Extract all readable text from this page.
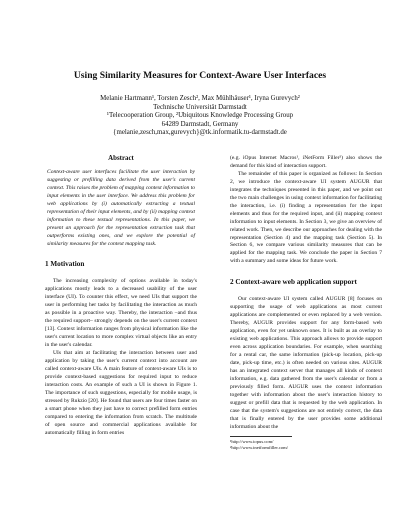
Using Similarity Measures for Context-Aware User Interfaces
Melanie Hartmann¹, Torsten Zesch², Max Mühlhäuser¹, Iryna Gurevych²
Technische Universität Darmstadt
¹Telecooperation Group, ²Ubiquitous Knowledge Processing Group
64289 Darmstadt, Germany
{melanie,zesch,max,gurevych}@tk.informatik.tu-darmstadt.de
Abstract
Context-aware user interfaces facilitate the user interaction by suggesting or prefilling data derived from the user's current context. This raises the problem of mapping context information to input elements in the user interface. We address this problem for web applications by (i) automatically extracting a textual representation of their input elements, and by (ii) mapping context information to these textual representations. In this paper, we present an approach for the representation extraction task that outperforms existing ones, and we explore the potential of similarity measures for the context mapping task.
1 Motivation

The increasing complexity of options available in today's applications mostly leads to a decreased usability of the user interface (UI). To counter this effect, we need UIs that support the user in performing her tasks by facilitating the interaction as much as possible in a proactive way. Thereby, the interaction –and thus the required support– strongly depends on the user's current context [13]. Context information ranges from physical information like the user's current location to more complex virtual objects like an entry in the user's calendar.

UIs that aim at facilitating the interaction between user and application by taking the user's current context into account are called context-aware UIs. A main feature of context-aware UIs is to provide context-based suggestions for required input to reduce interaction costs. An example of such a UI is shown in Figure 1. The importance of such suggestions, especially for mobile usage, is stressed by Rukzio [20]. He found that users are four times faster on a smart phone when they just have to correct prefilled form entries compared to entering the information from scratch. The multitude of open source and commercial applications available for automatically filling in form entries

(e.g. iOpus Internet Macros¹, iNetForm Filler²) also shows the demand for this kind of interaction support.

The remainder of this paper is organized as follows: In Section 2, we introduce the context-aware UI system AUGUR that integrates the techniques presented in this paper, and we point out the two main challenges in using context information for facilitating the interaction, i.e. (i) finding a representation for the input elements and thus for the required input, and (ii) mapping context information to input elements. In Section 3, we give an overview of related work. Then, we describe our approaches for dealing with the representation (Section 4) and the mapping task (Section 5). In Section 6, we compare various similarity measures that can be applied for the mapping task. We conclude the paper in Section 7 with a summary and some ideas for future work.

2 Context-aware web application support

Our context-aware UI system called AUGUR [8] focuses on supporting the usage of web applications as most current applications are complemented or even replaced by a web version. Thereby, AUGUR provides support for any form-based web application, even for yet unknown ones. It is built as an overlay to existing web applications. This approach allows to provide support even across application boundaries. For example, when searching for a rental car, the same information (pick-up location, pick-up date, pick-up time, etc.) is often needed on various sites. AUGUR has an integrated context server that manages all kinds of context information, e.g. data gathered from the user's calendar or from a previously filled form. AUGUR uses the context information together with information about the user's interaction history to suggest or prefill data that is requested by the web application. In case that the system's suggestions are not entirely correct, the data that is finally entered by the user provides some additional information about the

¹http://www.iopus.com/
²http://www.inetformfiller.com/
